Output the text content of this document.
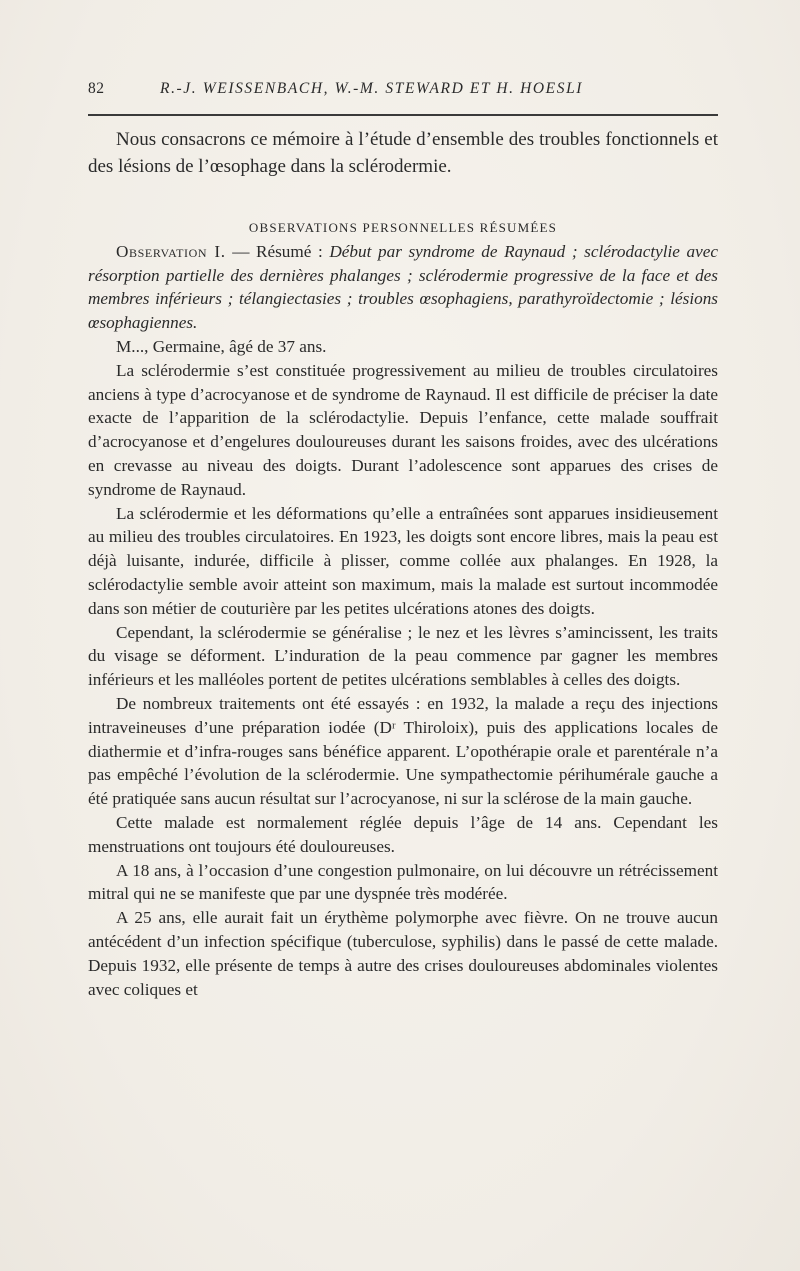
82	R.-J. WEISSENBACH, W.-M. STEWARD ET H. HOESLI

Nous consacrons ce mémoire à l’étude d’ensemble des troubles fonctionnels et des lésions de l’œsophage dans la sclérodermie.

OBSERVATIONS PERSONNELLES RÉSUMÉES

Observation I. — Résumé : Début par syndrome de Raynaud ; sclérodactylie avec résorption partielle des dernières phalanges ; sclérodermie progressive de la face et des membres inférieurs ; télangiectasies ; troubles œsophagiens, parathyroïdectomie ; lésions œsophagiennes.

M..., Germaine, âgé de 37 ans.

La sclérodermie s’est constituée progressivement au milieu de troubles circulatoires anciens à type d’acrocyanose et de syndrome de Raynaud. Il est difficile de préciser la date exacte de l’apparition de la sclérodactylie. Depuis l’enfance, cette malade souffrait d’acrocyanose et d’engelures douloureuses durant les saisons froides, avec des ulcérations en crevasse au niveau des doigts. Durant l’adolescence sont apparues des crises de syndrome de Raynaud.

La sclérodermie et les déformations qu’elle a entraînées sont apparues insidieusement au milieu des troubles circulatoires. En 1923, les doigts sont encore libres, mais la peau est déjà luisante, indurée, difficile à plisser, comme collée aux phalanges. En 1928, la sclérodactylie semble avoir atteint son maximum, mais la malade est surtout incommodée dans son métier de couturière par les petites ulcérations atones des doigts.

Cependant, la sclérodermie se généralise ; le nez et les lèvres s’amincissent, les traits du visage se déforment. L’induration de la peau commence par gagner les membres inférieurs et les malléoles portent de petites ulcérations semblables à celles des doigts.

De nombreux traitements ont été essayés : en 1932, la malade a reçu des injections intraveineuses d’une préparation iodée (Dʳ Thiroloix), puis des applications locales de diathermie et d’infra-rouges sans bénéfice apparent. L’opothérapie orale et parentérale n’a pas empêché l’évolution de la sclérodermie. Une sympathectomie périhumérale gauche a été pratiquée sans aucun résultat sur l’acrocyanose, ni sur la sclérose de la main gauche.

Cette malade est normalement réglée depuis l’âge de 14 ans. Cependant les menstruations ont toujours été douloureuses.

A 18 ans, à l’occasion d’une congestion pulmonaire, on lui découvre un rétrécissement mitral qui ne se manifeste que par une dyspnée très modérée.

A 25 ans, elle aurait fait un érythème polymorphe avec fièvre. On ne trouve aucun antécédent d’un infection spécifique (tuberculose, syphilis) dans le passé de cette malade. Depuis 1932, elle présente de temps à autre des crises douloureuses abdominales violentes avec coliques et
